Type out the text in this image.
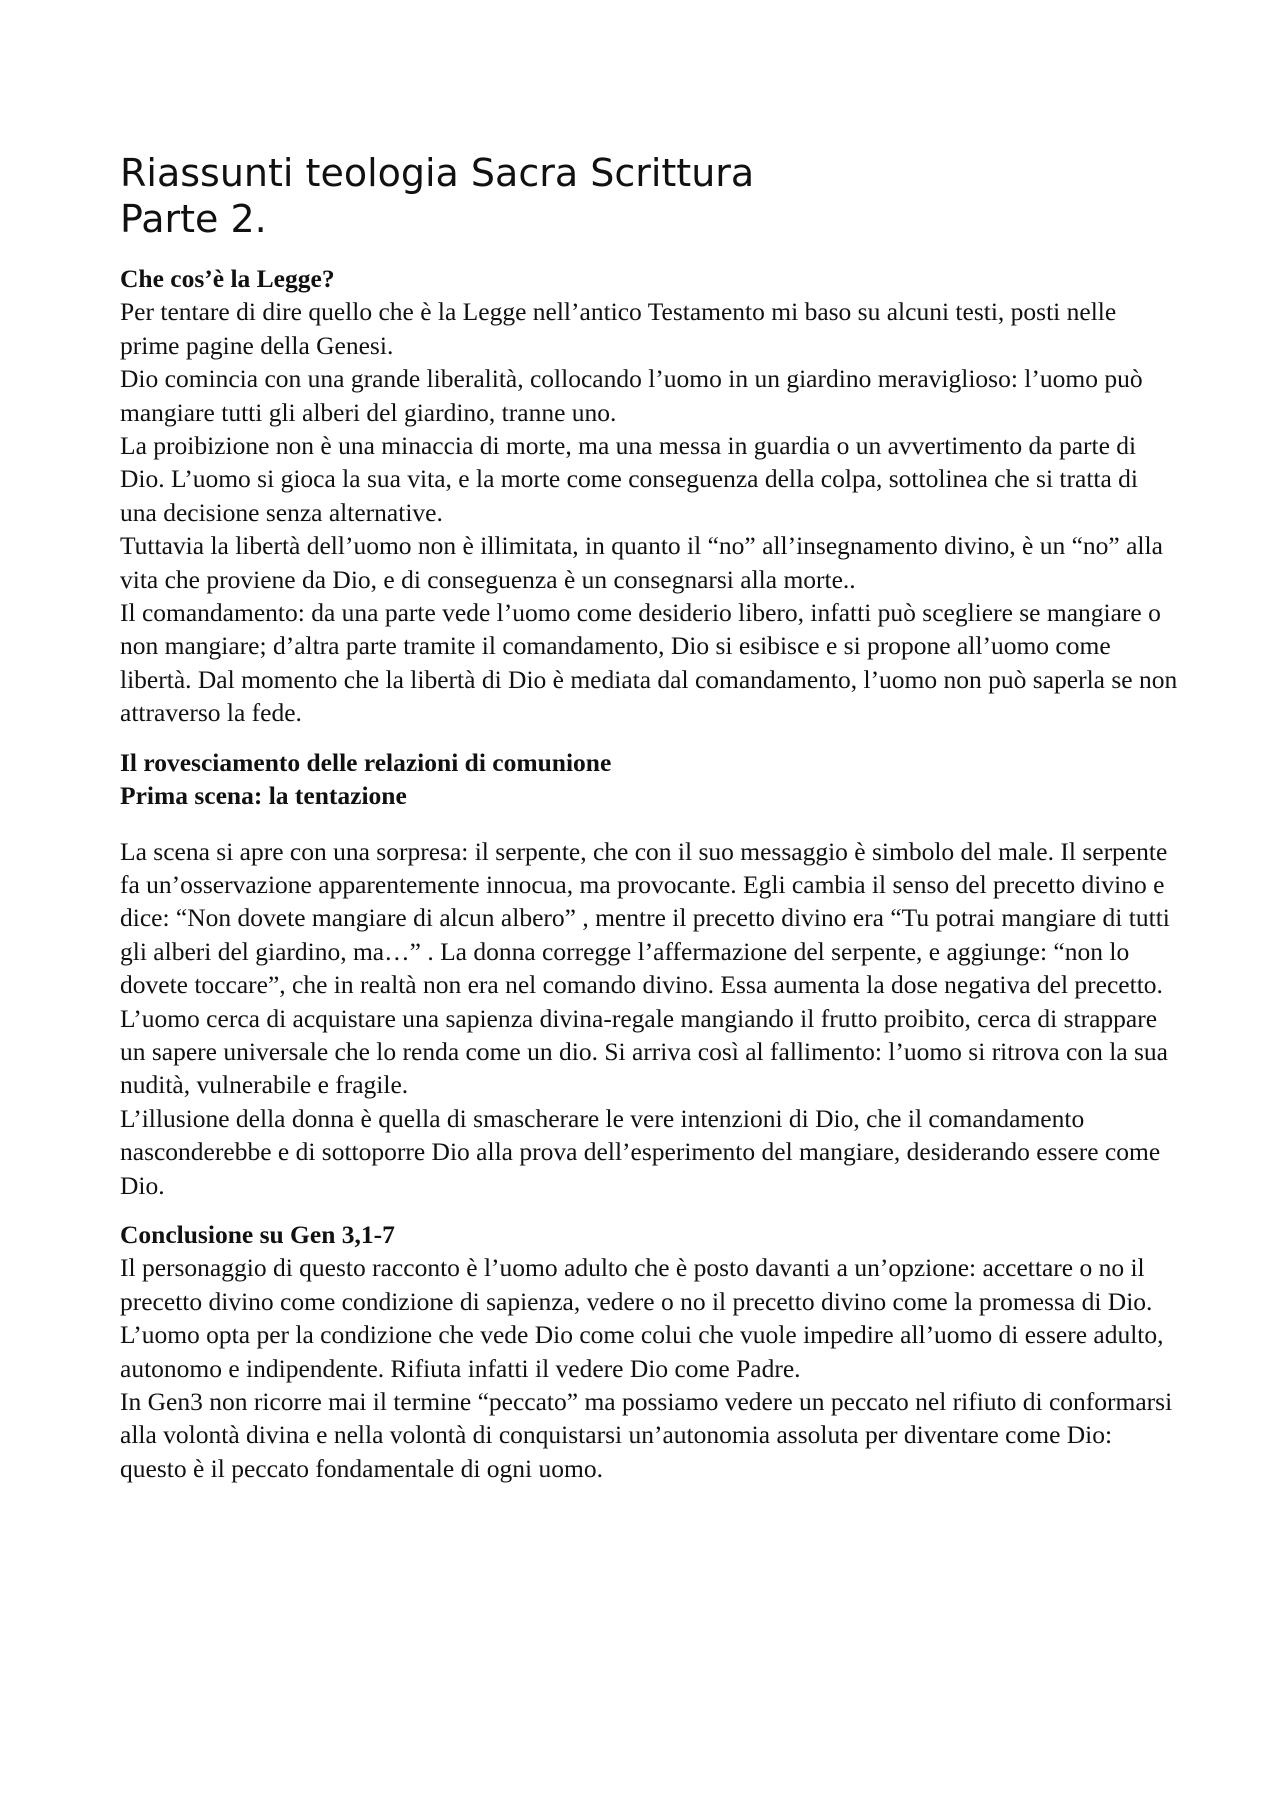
Riassunti teologia Sacra Scrittura
Parte 2.
Che cos’è la Legge?
Per tentare di dire quello che è la Legge nell’antico Testamento mi baso su alcuni testi, posti nelle prime pagine della Genesi.
Dio comincia con una grande liberalità, collocando l’uomo in un giardino meraviglioso: l’uomo può mangiare tutti gli alberi del giardino, tranne uno.
La proibizione non è una minaccia di morte, ma una messa in guardia o un avvertimento da parte di Dio. L’uomo si gioca la sua vita, e la morte come conseguenza della colpa, sottolinea che si tratta di una decisione senza alternative.
Tuttavia la libertà dell’uomo non è illimitata, in quanto il “no” all’insegnamento divino, è un “no” alla vita che proviene da Dio, e di conseguenza è un consegnarsi alla morte..
Il comandamento: da una parte vede l’uomo come desiderio libero, infatti può scegliere se mangiare o non mangiare; d’altra parte tramite il comandamento, Dio si esibisce e si propone all’uomo come libertà. Dal momento che la libertà di Dio è mediata dal comandamento, l’uomo non può saperla se non attraverso la fede.
Il rovesciamento delle relazioni di comunione
Prima scena: la tentazione
La scena si apre con una sorpresa: il serpente, che con il suo messaggio è simbolo del male. Il serpente fa un’osservazione apparentemente innocua, ma provocante. Egli cambia il senso del precetto divino e dice: “Non dovete mangiare di alcun albero” , mentre il precetto divino era “Tu potrai mangiare di tutti gli alberi del giardino, ma…” . La donna corregge l’affermazione del serpente, e aggiunge: “non lo dovete toccare”, che in realtà non era nel comando divino. Essa aumenta la dose negativa del precetto.
L’uomo cerca di acquistare una sapienza divina-regale mangiando il frutto proibito, cerca di strappare un sapere universale che lo renda come un dio. Si arriva così al fallimento: l’uomo si ritrova con la sua nudità, vulnerabile e fragile.
L’illusione della donna è quella di smascherare le vere intenzioni di Dio, che il comandamento nasconderebbe e di sottoporre Dio alla prova dell’esperimento del mangiare, desiderando essere come Dio.
Conclusione su Gen 3,1-7
Il personaggio di questo racconto è l’uomo adulto che è posto davanti a un’opzione: accettare o no il precetto divino come condizione di sapienza, vedere o no il precetto divino come la promessa di Dio. L’uomo opta per la condizione che vede Dio come colui che vuole impedire all’uomo di essere adulto, autonomo e indipendente. Rifiuta infatti il vedere Dio come Padre.
In Gen3 non ricorre mai il termine “peccato” ma possiamo vedere un peccato nel rifiuto di conformarsi alla volontà divina e nella volontà di conquistarsi un’autonomia assoluta per diventare come Dio: questo è il peccato fondamentale di ogni uomo.
